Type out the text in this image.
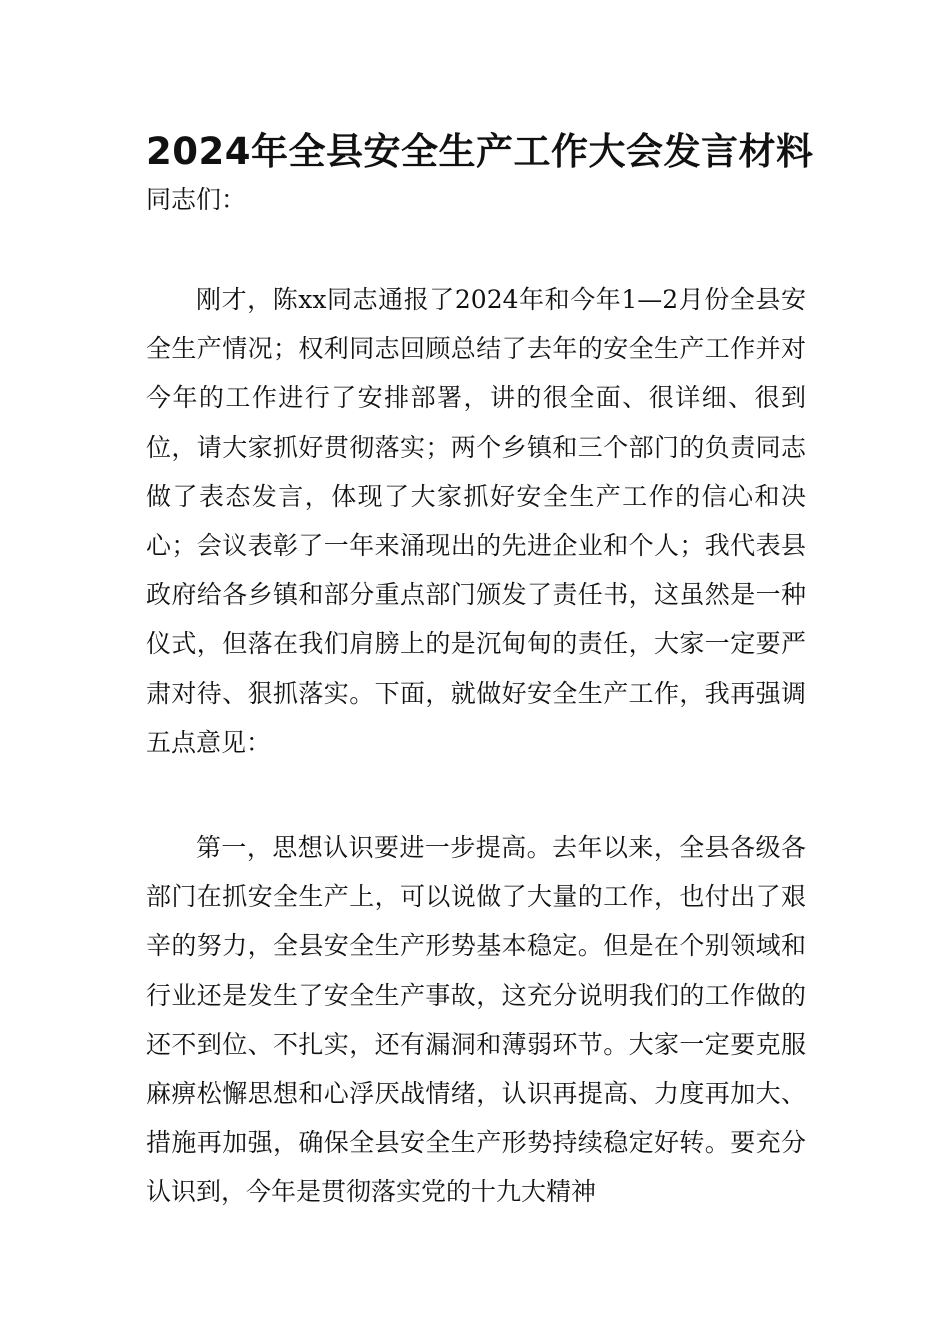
2024年全县安全生产工作大会发言材料

同志们：

刚才，陈xx同志通报了2024年和今年1—2月份全县安全生产情况；权利同志回顾总结了去年的安全生产工作并对今年的工作进行了安排部署，讲的很全面、很详细、很到位，请大家抓好贯彻落实；两个乡镇和三个部门的负责同志做了表态发言，体现了大家抓好安全生产工作的信心和决心；会议表彰了一年来涌现出的先进企业和个人；我代表县政府给各乡镇和部分重点部门颁发了责任书，这虽然是一种仪式，但落在我们肩膀上的是沉甸甸的责任，大家一定要严肃对待、狠抓落实。下面，就做好安全生产工作，我再强调五点意见：

第一，思想认识要进一步提高。去年以来，全县各级各部门在抓安全生产上，可以说做了大量的工作，也付出了艰辛的努力，全县安全生产形势基本稳定。但是在个别领域和行业还是发生了安全生产事故，这充分说明我们的工作做的还不到位、不扎实，还有漏洞和薄弱环节。大家一定要克服麻痹松懈思想和心浮厌战情绪，认识再提高、力度再加大、措施再加强，确保全县安全生产形势持续稳定好转。要充分认识到，今年是贯彻落实党的十九大精神
